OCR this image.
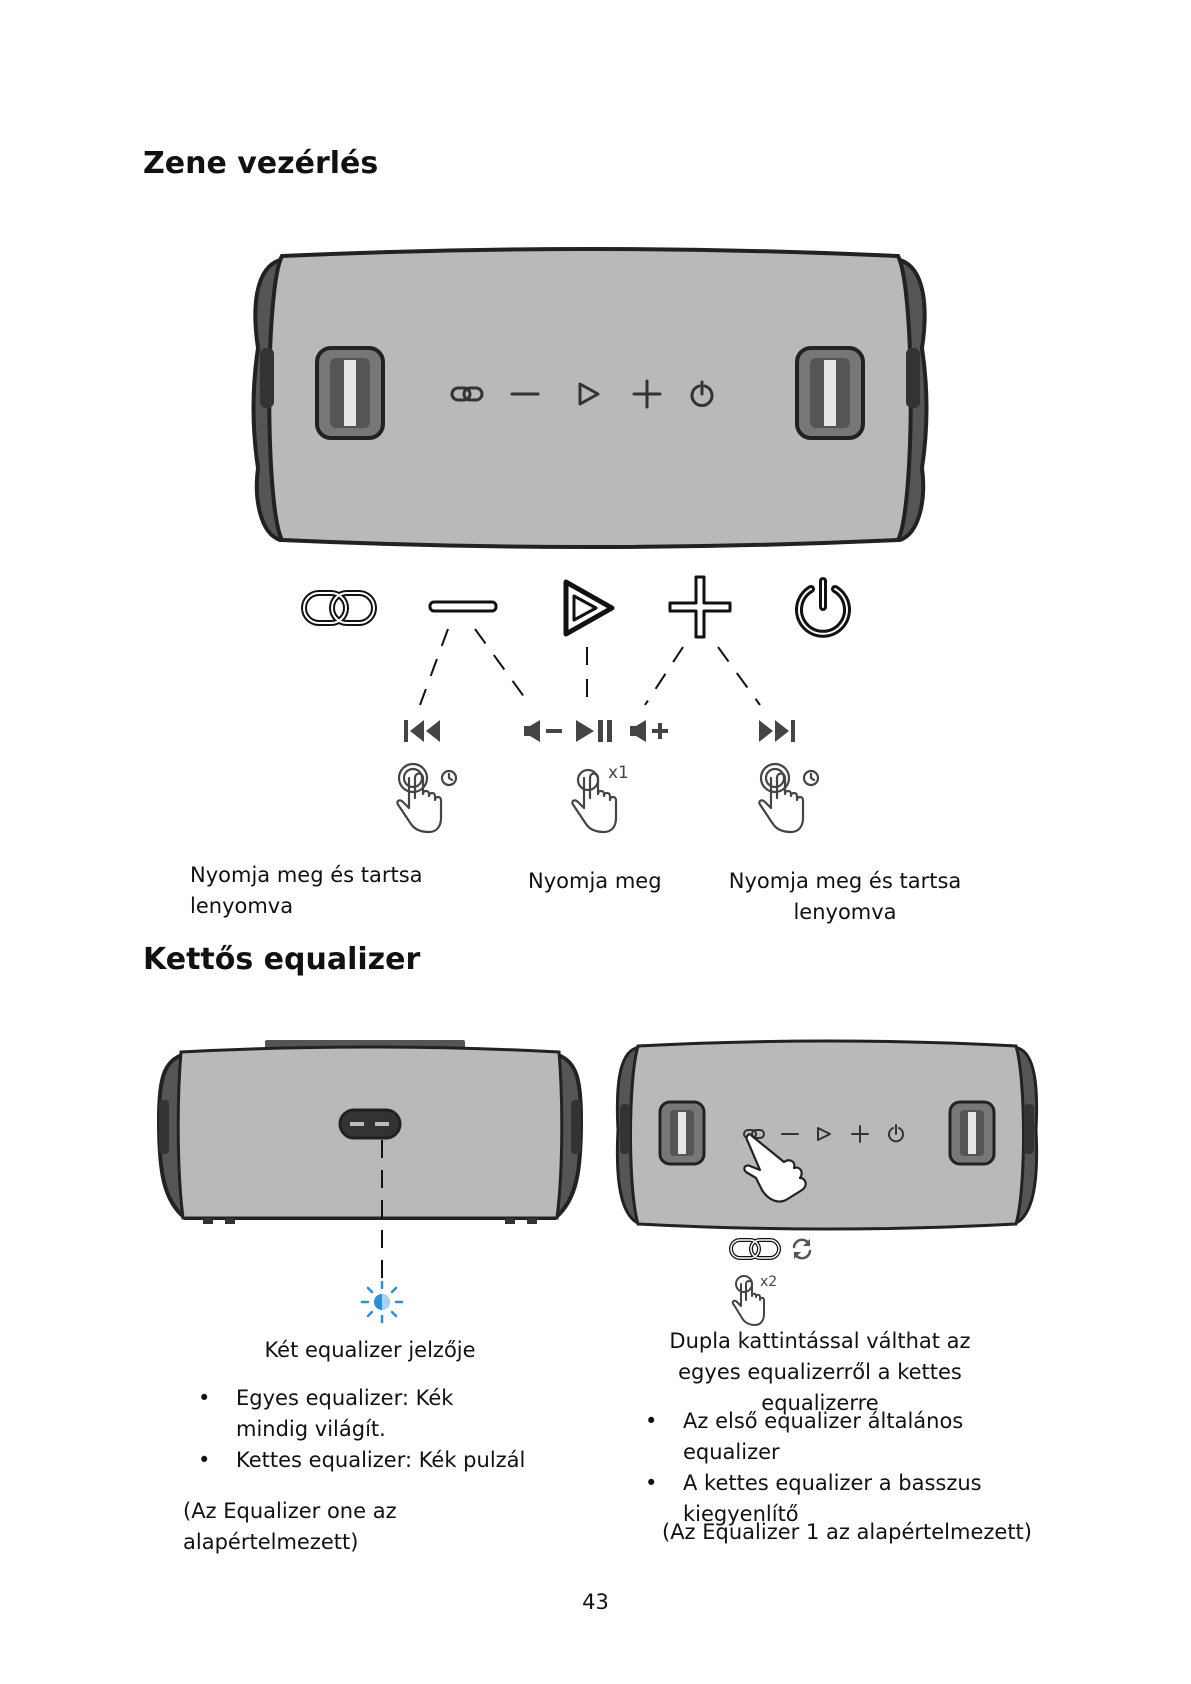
Zene vezérlés
x1
Nyomja meg és tartsa lenyomva
Nyomja meg	Nyomja meg és tartsa lenyomva
Kettős equalizer
x2
Két equalizer jelzője
• Egyes equalizer: Kék mindig világít.
• Kettes equalizer: Kék pulzál
(Az Equalizer one az alapértelmezett)
Dupla kattintással válthat az egyes equalizerről a kettes equalizerre
• Az első equalizer általános equalizer
• A kettes equalizer a basszus kiegyenlítő
(Az Equalizer 1 az alapértelmezett)
43
